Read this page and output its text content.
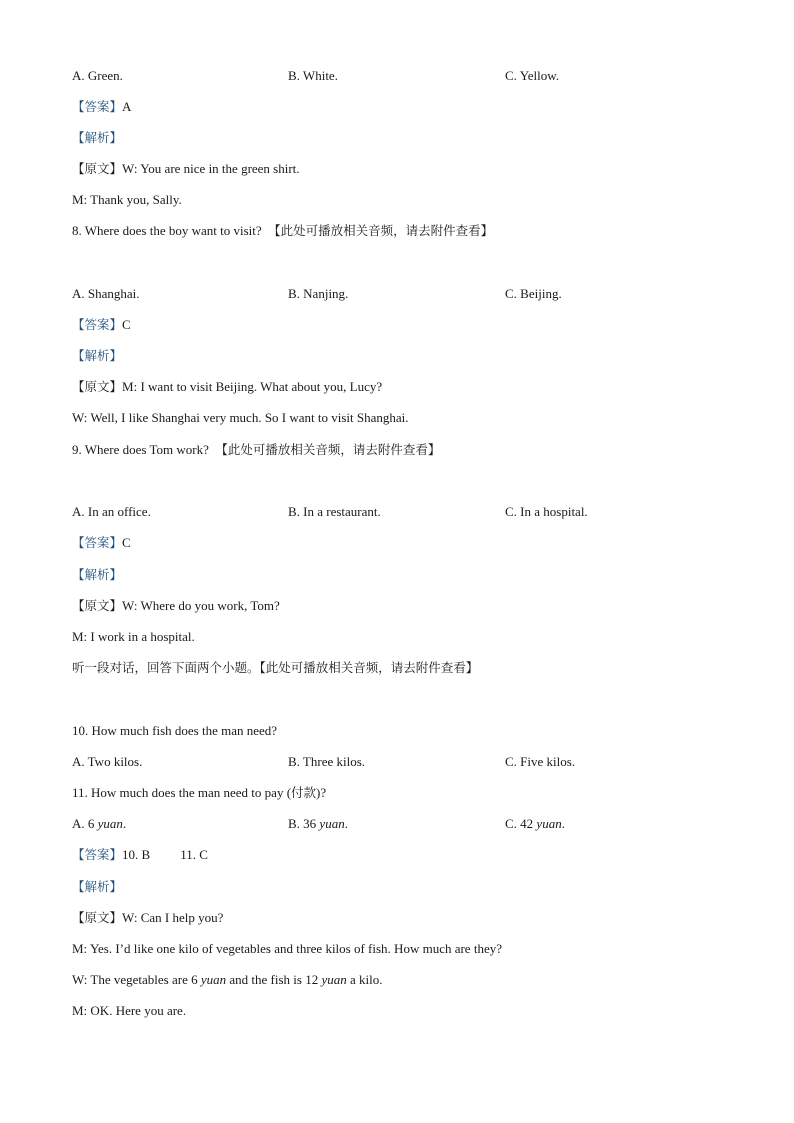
A. Green.	B. White.	C. Yellow.
【答案】A
【解析】
【原文】W: You are nice in the green shirt.
M: Thank you, Sally.
8. Where does the boy want to visit? 【此处可播放相关音频，请去附件查看】
A. Shanghai.	B. Nanjing.	C. Beijing.
【答案】C
【解析】
【原文】M: I want to visit Beijing. What about you, Lucy?
W: Well, I like Shanghai very much. So I want to visit Shanghai.
9. Where does Tom work? 【此处可播放相关音频，请去附件查看】
A. In an office.	B. In a restaurant.	C. In a hospital.
【答案】C
【解析】
【原文】W: Where do you work, Tom?
M: I work in a hospital.
听一段对话，回答下面两个小题。【此处可播放相关音频，请去附件查看】
10. How much fish does the man need?
A. Two kilos.	B. Three kilos.	C. Five kilos.
11. How much does the man need to pay (付款)?
A. 6 yuan.	B. 36 yuan.	C. 42 yuan.
【答案】10. B 11. C
【解析】
【原文】W: Can I help you?
M: Yes. I’d like one kilo of vegetables and three kilos of fish. How much are they?
W: The vegetables are 6 yuan and the fish is 12 yuan a kilo.
M: OK. Here you are.
